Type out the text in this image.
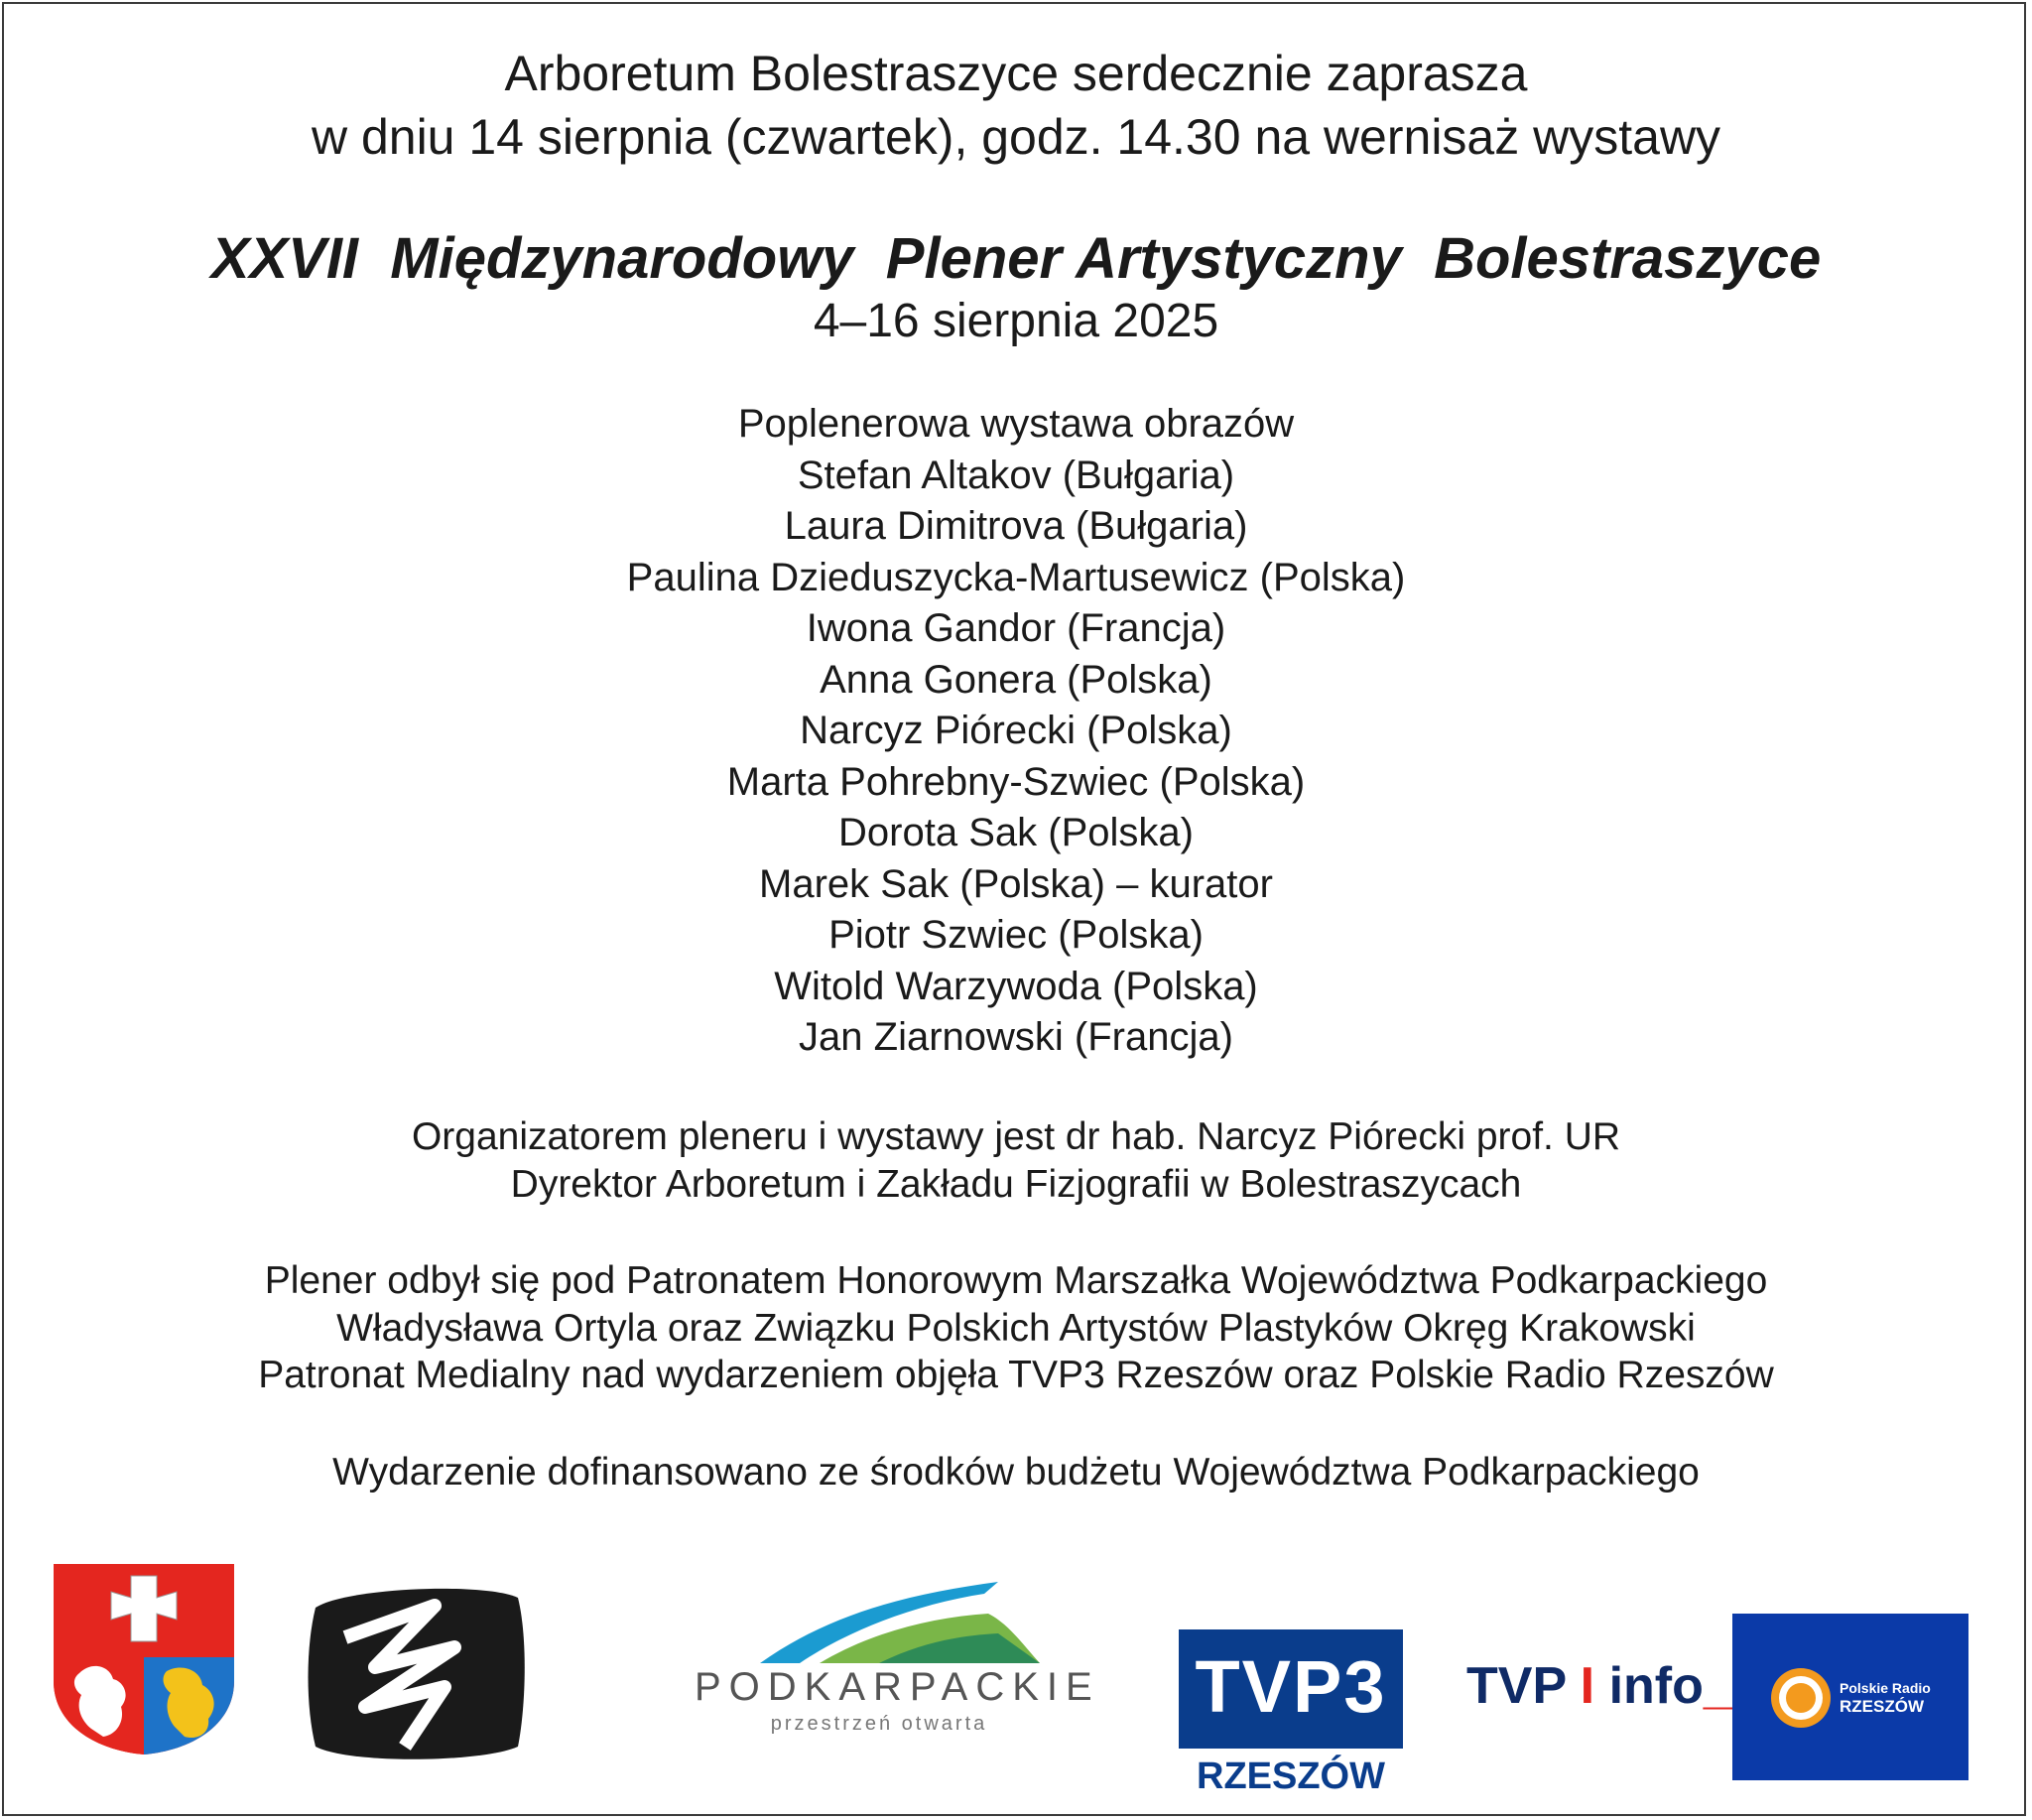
Arboretum Bolestraszyce serdecznie zaprasza
w dniu 14 sierpnia (czwartek), godz. 14.30 na wernisaż wystawy
XXVII  Międzynarodowy  Plener Artystyczny  Bolestraszyce
4–16 sierpnia 2025
Poplenerowa wystawa obrazów
Stefan Altakov (Bułgaria)
Laura Dimitrova (Bułgaria)
Paulina Dzieduszycka-Martusewicz (Polska)
Iwona Gandor (Francja)
Anna Gonera (Polska)
Narcyz Piórecki (Polska)
Marta Pohrebny-Szwiec (Polska)
Dorota Sak (Polska)
Marek Sak (Polska) – kurator
Piotr Szwiec (Polska)
Witold Warzywoda (Polska)
Jan Ziarnowski (Francja)
Organizatorem pleneru i wystawy jest dr hab. Narcyz Piórecki prof. UR
Dyrektor Arboretum i Zakładu Fizjografii w Bolestraszycach
Plener odbył się pod Patronatem Honorowym Marszałka Województwa Podkarpackiego
Władysława Ortyla oraz Związku Polskich Artystów Plastyków Okręg Krakowski
Patronat Medialny nad wydarzeniem objęła TVP3 Rzeszów oraz Polskie Radio Rzeszów
Wydarzenie dofinansowano ze środków budżetu Województwa Podkarpackiego
PODKARPACKIE
przestrzeń otwarta	TVP3
RZESZÓW
TVP I info_	Polskie Radio
RZESZÓW
